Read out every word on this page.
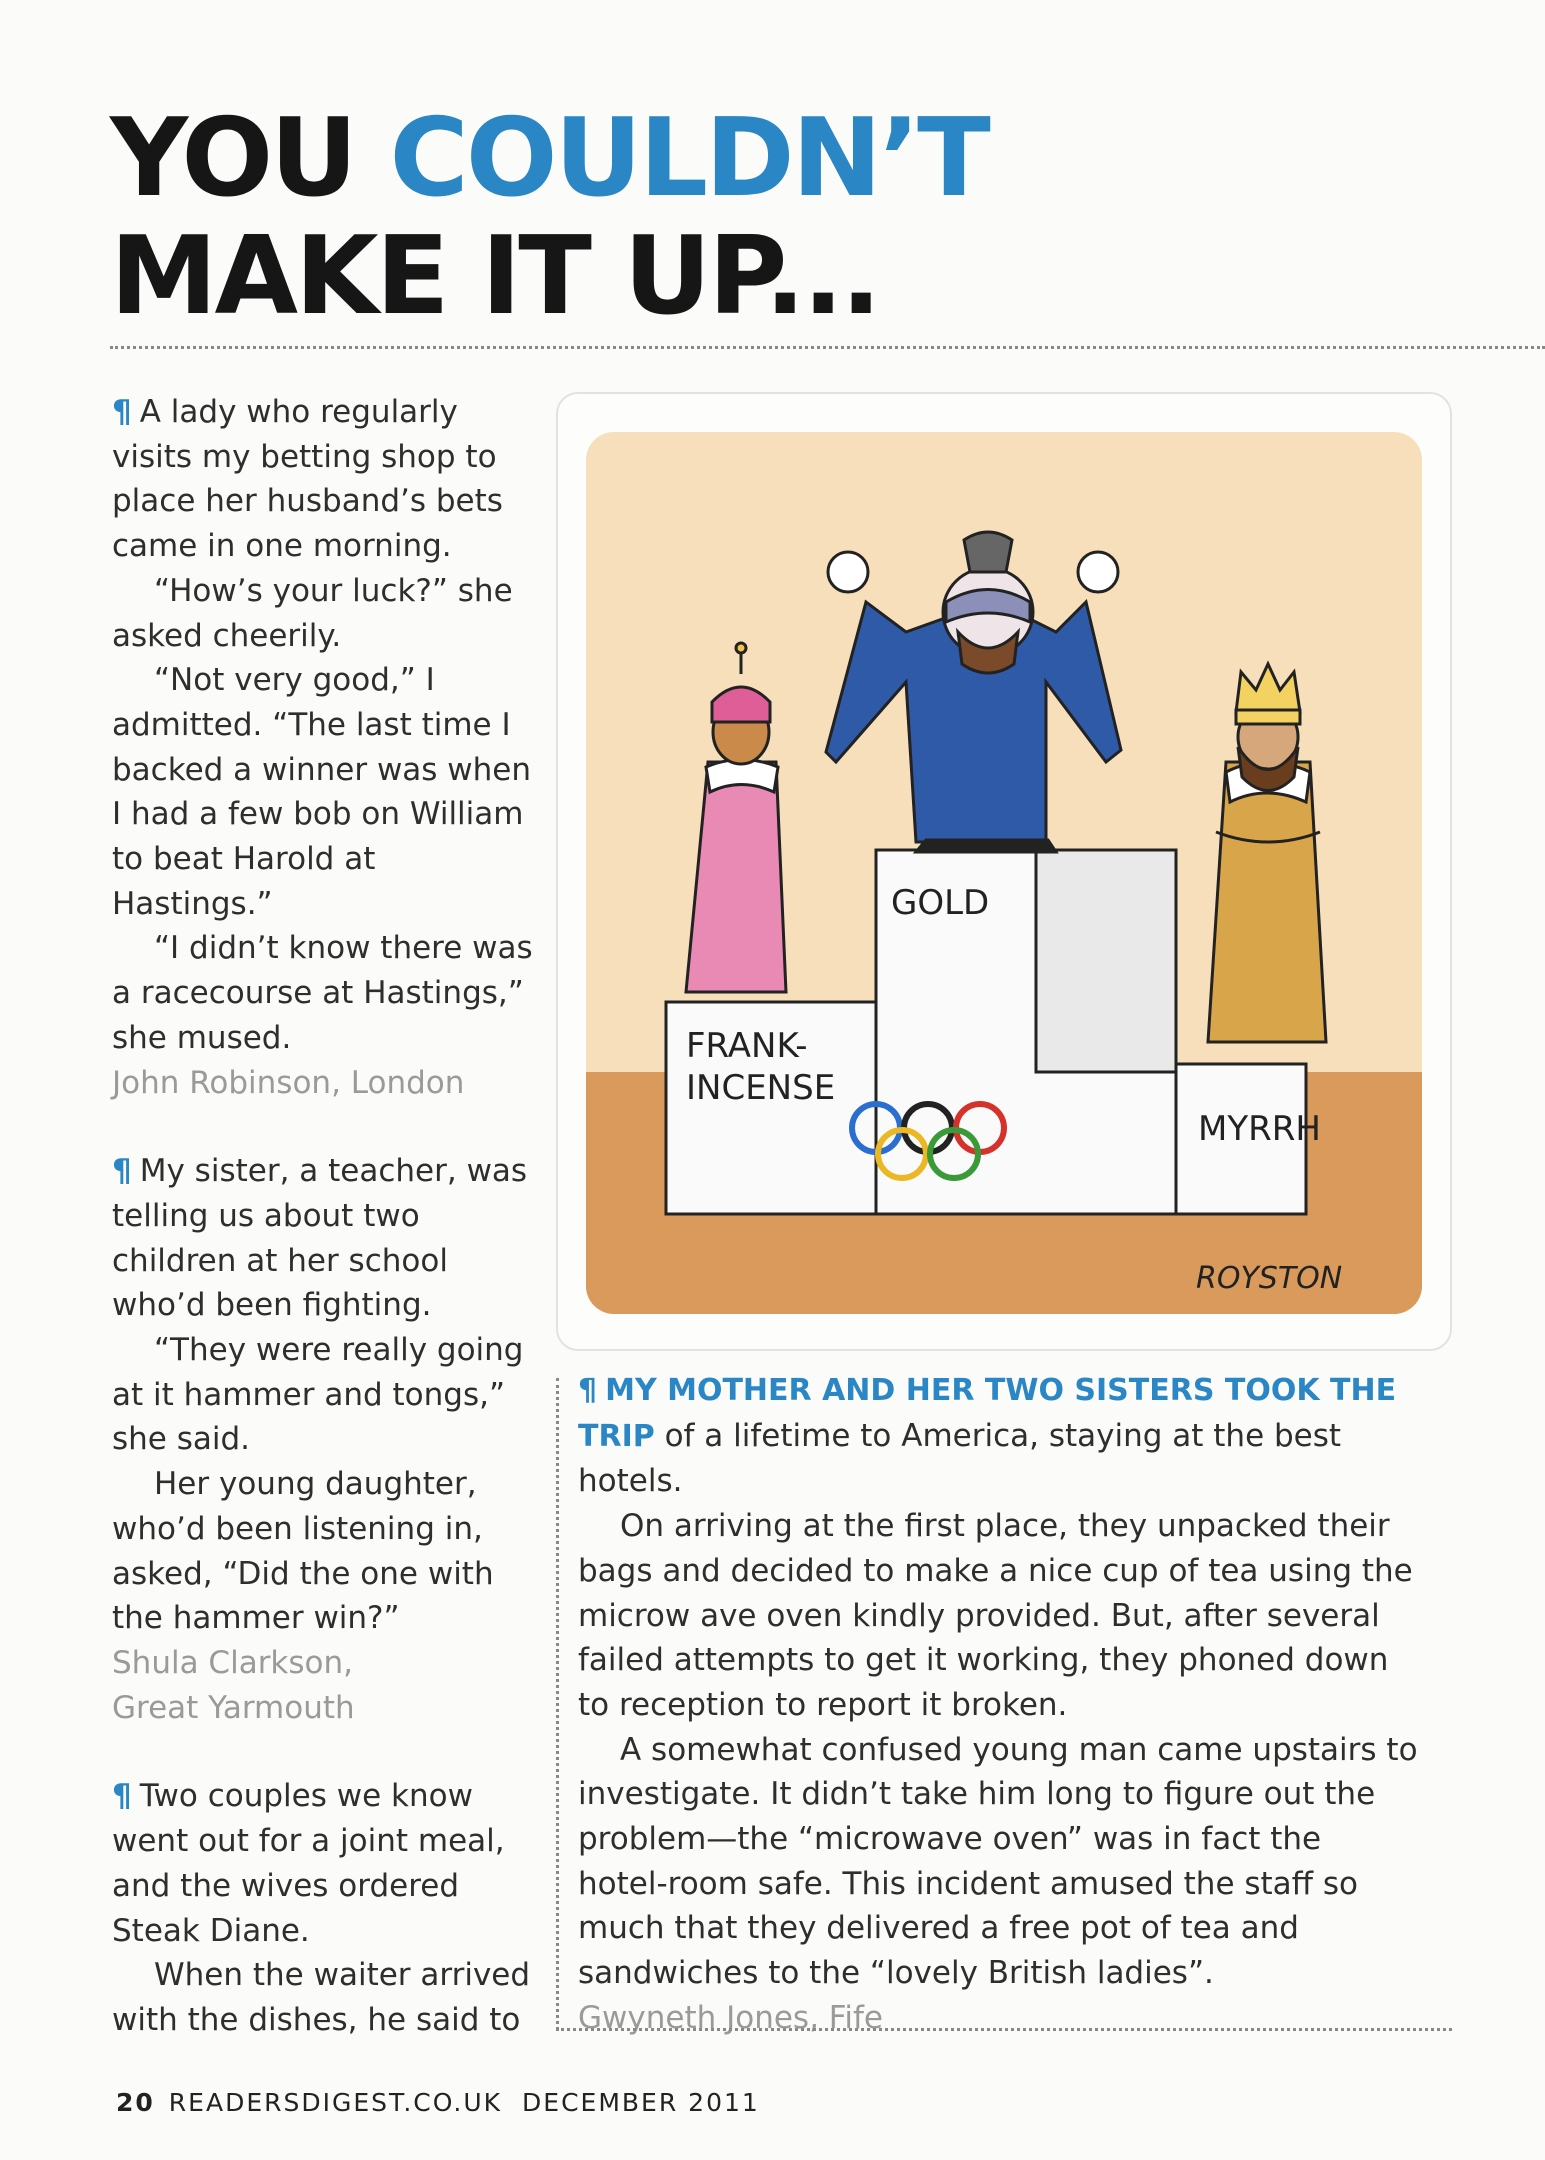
YOU COULDN’T
MAKE IT UP...

¶ A lady who regularly visits my betting shop to place her husband’s bets came in one morning.

“How’s your luck?” she asked cheerily.

“Not very good,” I admitted. “The last time I backed a winner was when I had a few bob on William to beat Harold at Hastings.”

“I didn’t know there was a racecourse at Hastings,” she mused.

John Robinson, London

¶ My sister, a teacher, was telling us about two children at her school who’d been fighting.

“They were really going at it hammer and tongs,” she said.

Her young daughter, who’d been listening in, asked, “Did the one with the hammer win?”

Shula Clarkson,

Great Yarmouth

¶ Two couples we know went out for a joint meal, and the wives ordered Steak Diane.

When the waiter arrived with the dishes, he said to

GOLD
FRANK-
INCENSE
MYRRH
ROYSTON

¶ MY MOTHER AND HER TWO SISTERS TOOK THE TRIP of a lifetime to America, staying at the best hotels.

On arriving at the first place, they unpacked their bags and decided to make a nice cup of tea using the microw ave oven kindly provided. But, after several failed attempts to get it working, they phoned down to reception to report it broken.

A somewhat confused young man came upstairs to investigate. It didn’t take him long to figure out the problem—the “microwave oven” was in fact the hotel-room safe. This incident amused the staff so much that they delivered a free pot of tea and sandwiches to the “lovely British ladies”.

Gwyneth Jones, Fife

20 READERSDIGEST.CO.UK DECEMBER 2011
